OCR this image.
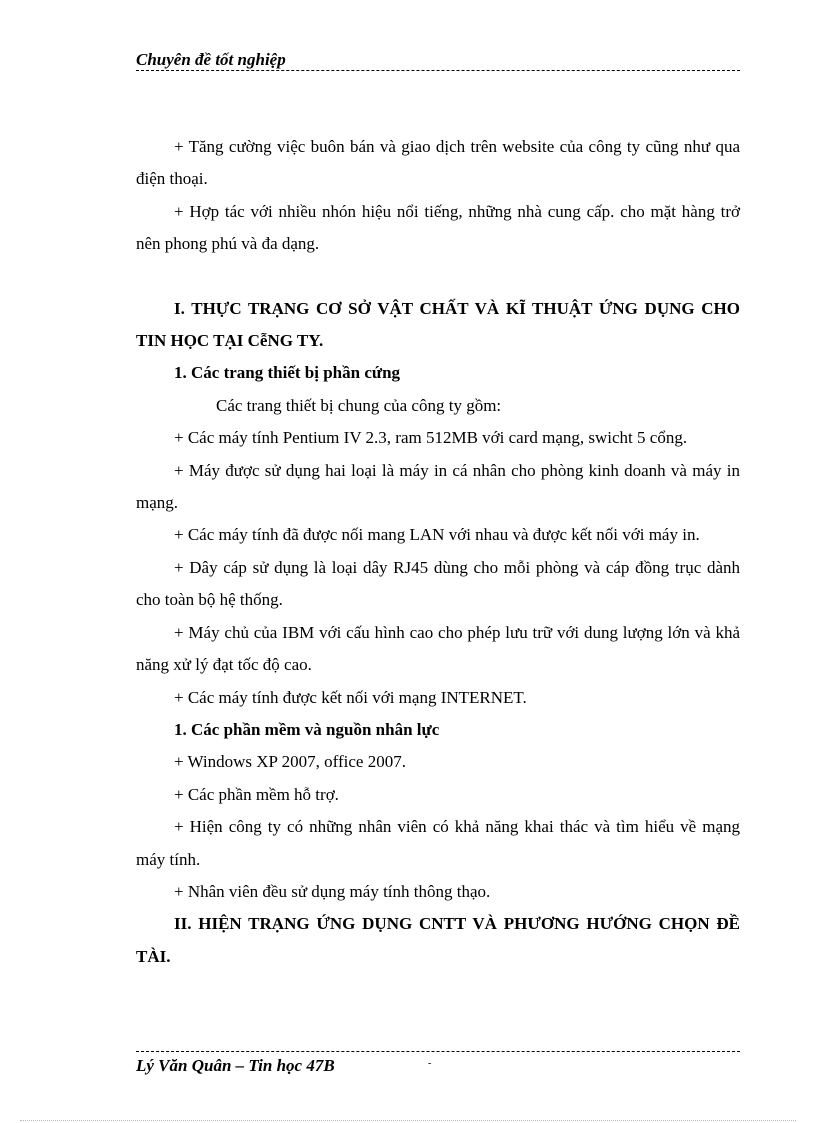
Chuyên đề tốt nghiệp

+ Tăng cường việc buôn bán và giao dịch trên website của công ty cũng như qua điện thoại.

+ Hợp tác với nhiều nhón hiệu nổi tiếng, những nhà cung cấp. cho mặt hàng trở nên phong phú và đa dạng.

I. THỰC TRẠNG CƠ SỞ VẬT CHẤT VÀ KĨ THUẬT ỨNG DỤNG CHO TIN HỌC TẠI CễNG TY.

1. Các trang thiết bị phần cứng

Các trang thiết bị chung của công ty gồm:

+ Các máy tính Pentium IV 2.3, ram 512MB với card mạng, swicht 5 cổng.

+ Máy được sử dụng hai loại là máy in cá nhân cho phòng kinh doanh và máy in mạng.

+ Các máy tính đã được nối mang LAN với nhau và được kết nối với máy in.

+ Dây cáp sử dụng là loại dây RJ45 dùng cho mỗi phòng và cáp đồng trục dành cho toàn bộ hệ thống.

+ Máy chủ của IBM với cấu hình cao cho phép lưu trữ với dung lượng lớn và khả năng xử lý đạt tốc độ cao.

+ Các máy tính được kết nối với mạng INTERNET.

1. Các phần mềm và nguồn nhân lực

+ Windows XP 2007, office 2007.

+ Các phần mềm hỗ trợ.

+ Hiện công ty có những nhân viên có khả năng khai thác và tìm hiểu về mạng máy tính.

+ Nhân viên đều sử dụng máy tính thông thạo.

II. HIỆN TRẠNG ỨNG DỤNG CNTT VÀ PHƯƠNG HƯỚNG CHỌN ĐỀ TÀI.

Lý Văn Quân – Tin học 47B	-
